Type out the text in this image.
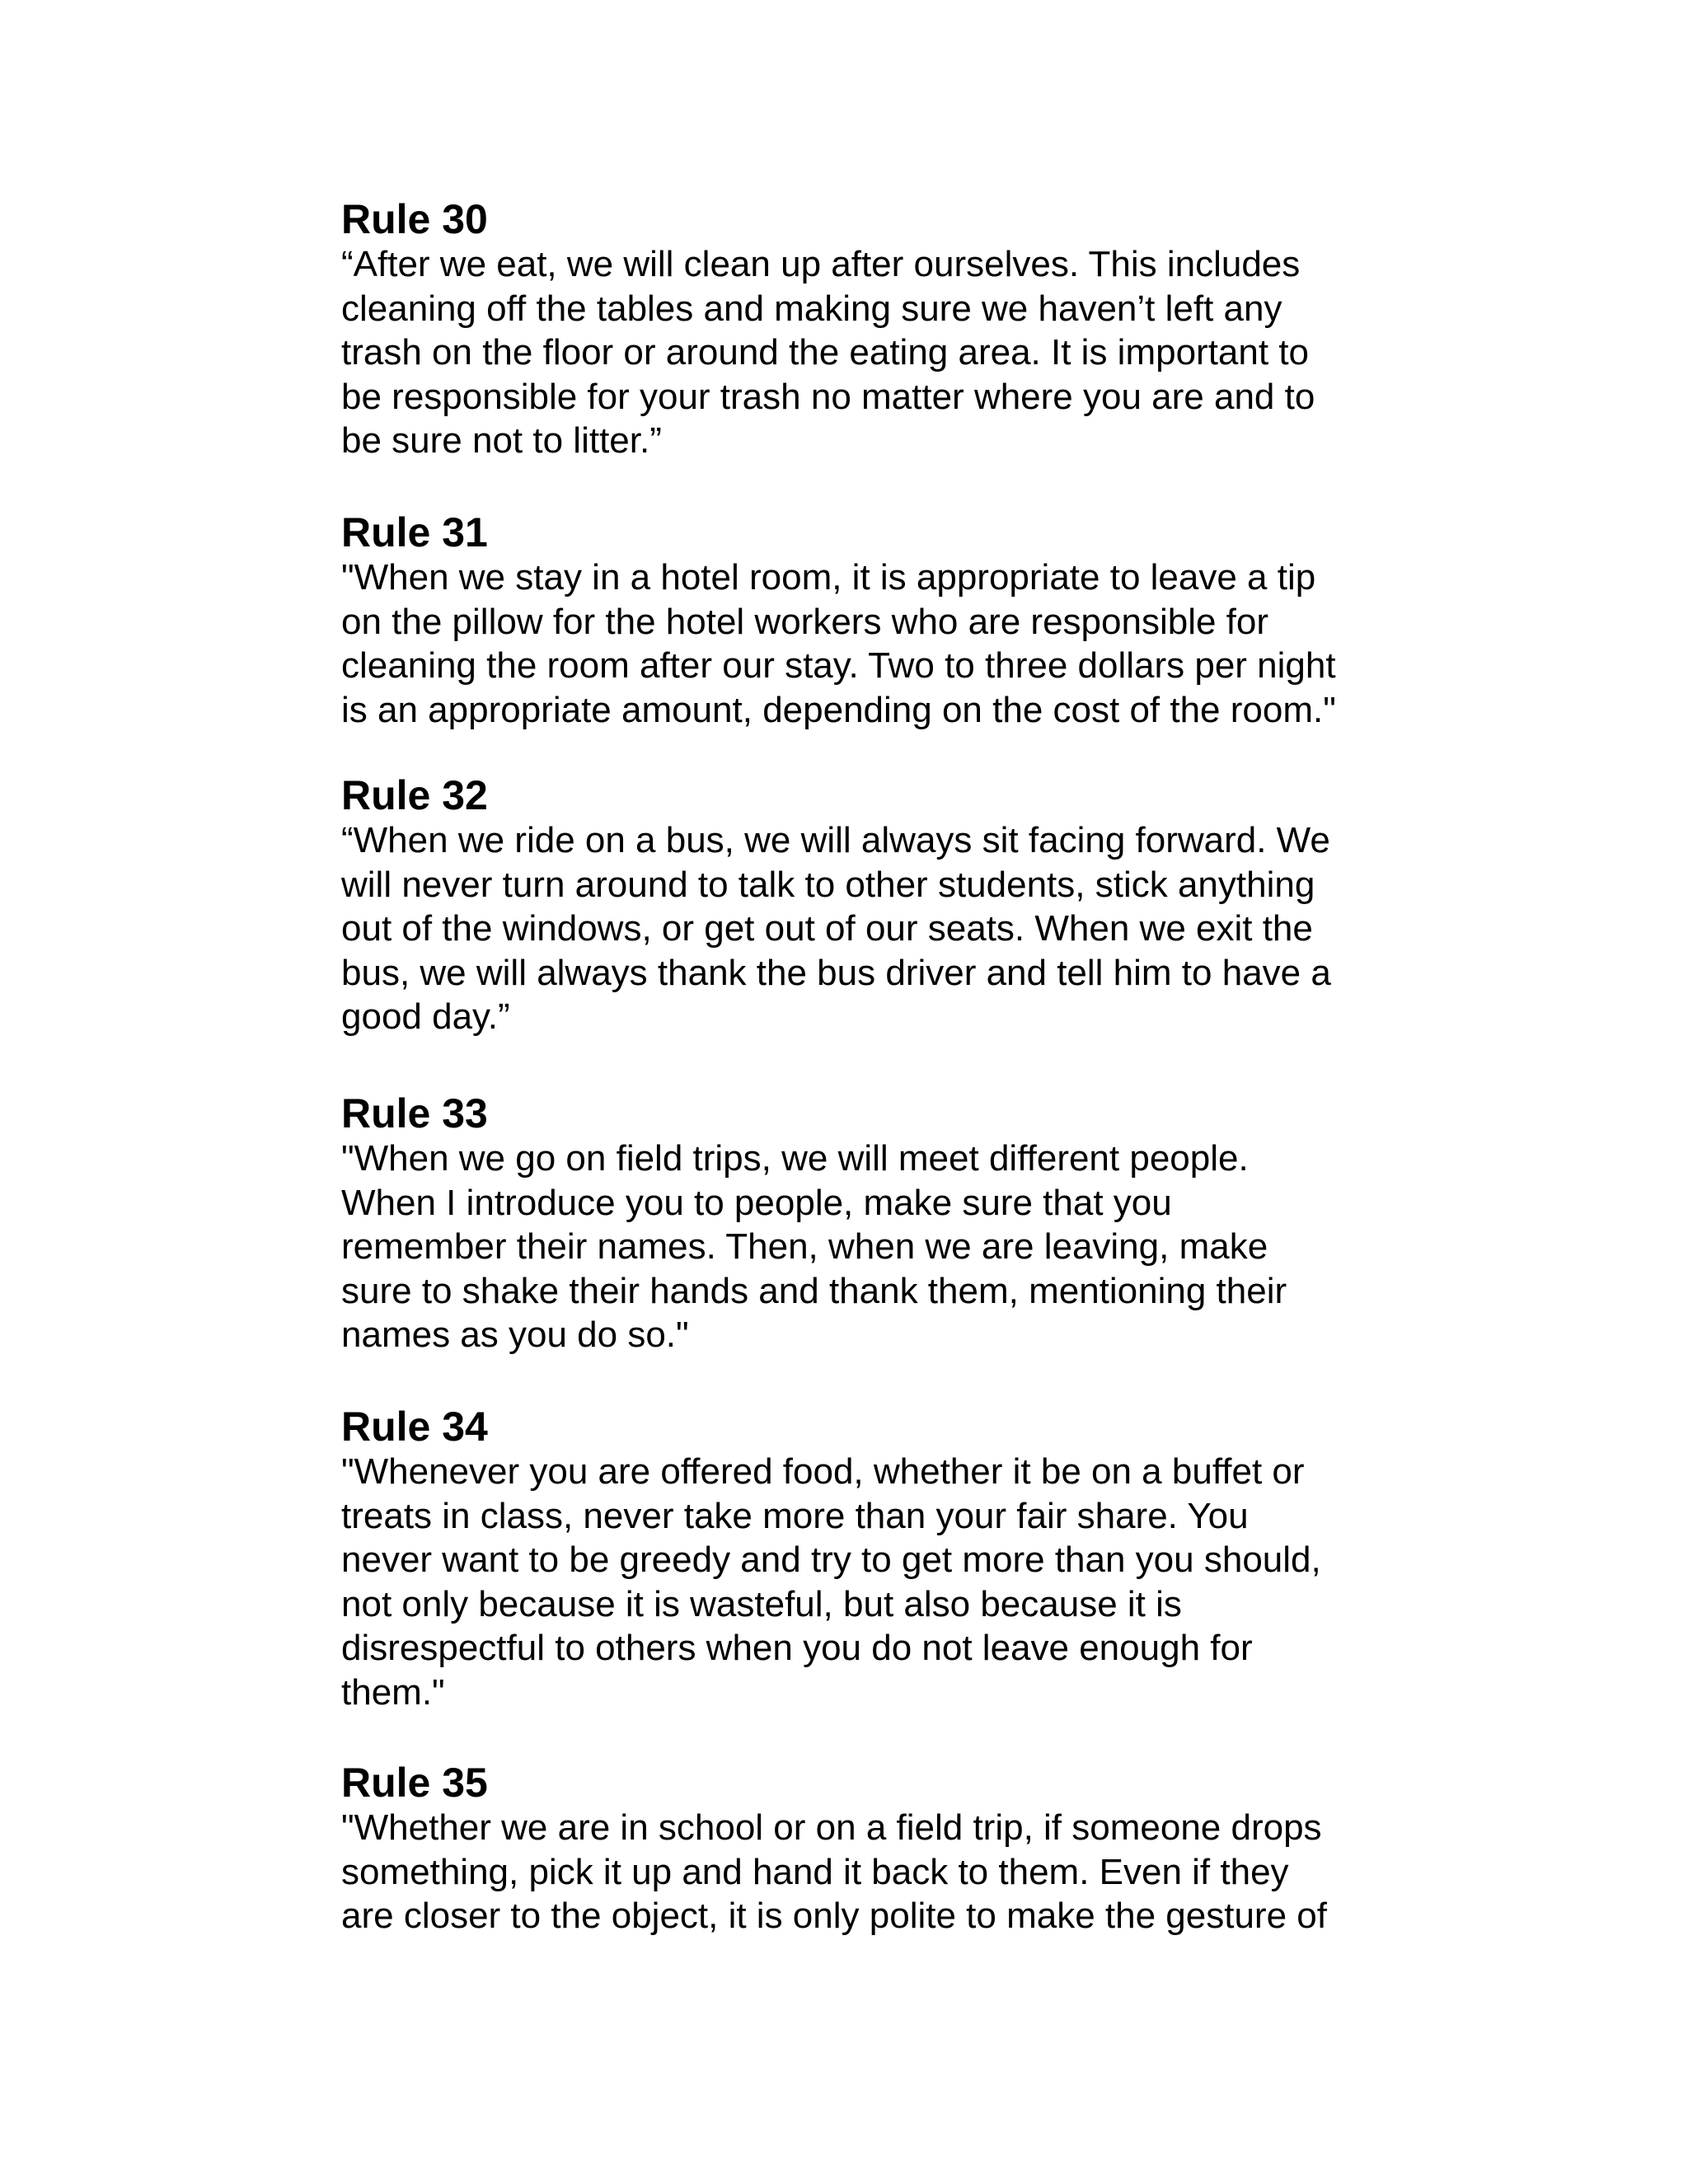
Rule 30

“After we eat, we will clean up after ourselves. This includes
cleaning off the tables and making sure we haven’t left any
trash on the floor or around the eating area. It is important to
be responsible for your trash no matter where you are and to
be sure not to litter.”

Rule 31

"When we stay in a hotel room, it is appropriate to leave a tip
on the pillow for the hotel workers who are responsible for
cleaning the room after our stay. Two to three dollars per night
is an appropriate amount, depending on the cost of the room."

Rule 32

“When we ride on a bus, we will always sit facing forward. We
will never turn around to talk to other students, stick anything
out of the windows, or get out of our seats. When we exit the
bus, we will always thank the bus driver and tell him to have a
good day.”

Rule 33

"When we go on field trips, we will meet different people.
When I introduce you to people, make sure that you
remember their names. Then, when we are leaving, make
sure to shake their hands and thank them, mentioning their
names as you do so."

Rule 34

"Whenever you are offered food, whether it be on a buffet or
treats in class, never take more than your fair share. You
never want to be greedy and try to get more than you should,
not only because it is wasteful, but also because it is
disrespectful to others when you do not leave enough for
them."

Rule 35

"Whether we are in school or on a field trip, if someone drops
something, pick it up and hand it back to them. Even if they
are closer to the object, it is only polite to make the gesture of
